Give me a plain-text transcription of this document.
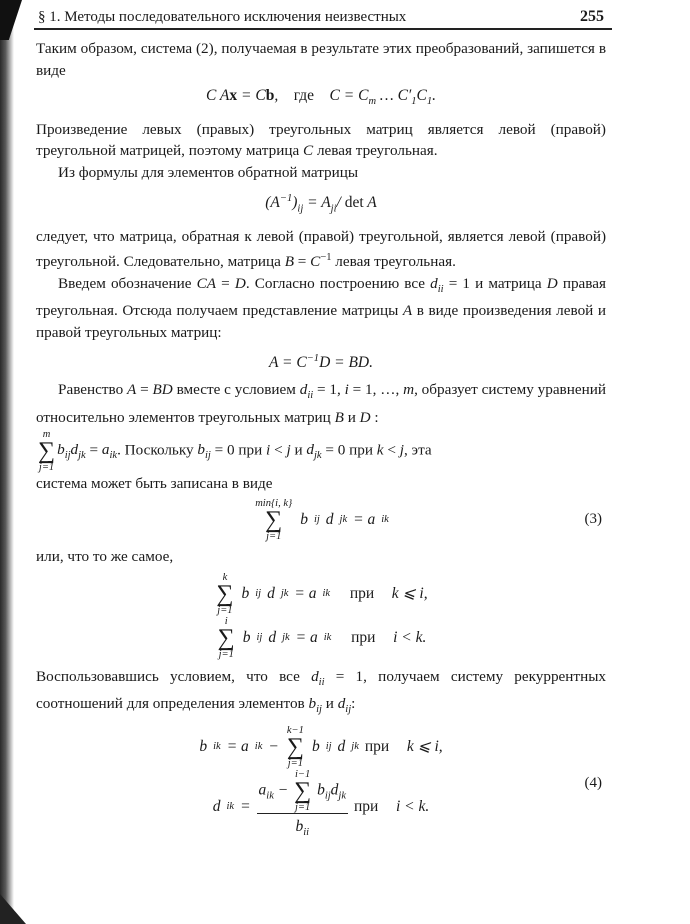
§ 1. Методы последовательного исключения неизвестных	255

Таким образом, система (2), получаемая в результате этих преобразований, запишется в виде

C Ax = Cb,    где    $C = C_m$ … $C'_1C_1$.

Произведение левых (правых) треугольных матриц является левой (правой) треугольной матрицей, поэтому матрица C левая треугольная.

Из формулы для элементов обратной матрицы

$(A^{-1})_{ij} = A_{ji}/$ det A

следует, что матрица, обратная к левой (правой) треугольной, является левой (правой) треугольной. Следовательно, матрица $B = C^{-1}$ левая треугольная.

Введем обозначение CA = D. Согласно построению все $d_{ii} = 1$ и матрица D правая треугольная. Отсюда получаем представление матрицы A в виде произведения левой и правой треугольных матриц:

$A = C^{-1}D$ = BD.

Равенство A = BD вместе с условием $d_{ii} = 1$, i = 1, …, m, образует систему уравнений относительно элементов треугольных матриц B и D :

m
∑
j=1
$b_{ij}d_{jk} = a_{ik}$. Поскольку $b_{ij} = 0$ при i < j и $d_{jk} = 0$ при k < j, эта

система может быть записана в виде

min{i, k}
∑
j=1
b ij d jk = a ik	(3)

или, что то же самое,

k
∑
j=1
b ij d jk = a ik
при k ⩽ i,
i
∑
j=1
b ij d jk = a ik
при i < k.

Воспользовавшись условием, что все $d_{ii} = 1$, получаем систему рекуррентных соотношений для определения элементов $b_{ij}$ и $d_{ij}$:

b ik = a ik −
k−1
∑
j=1
b ij d jk при k ⩽ i,
d ik = $a_{ik}$ −
i−1
∑
j=1
$b_{ij}d_{jk}$
$b_{ii}$ при i < k.
(4)
